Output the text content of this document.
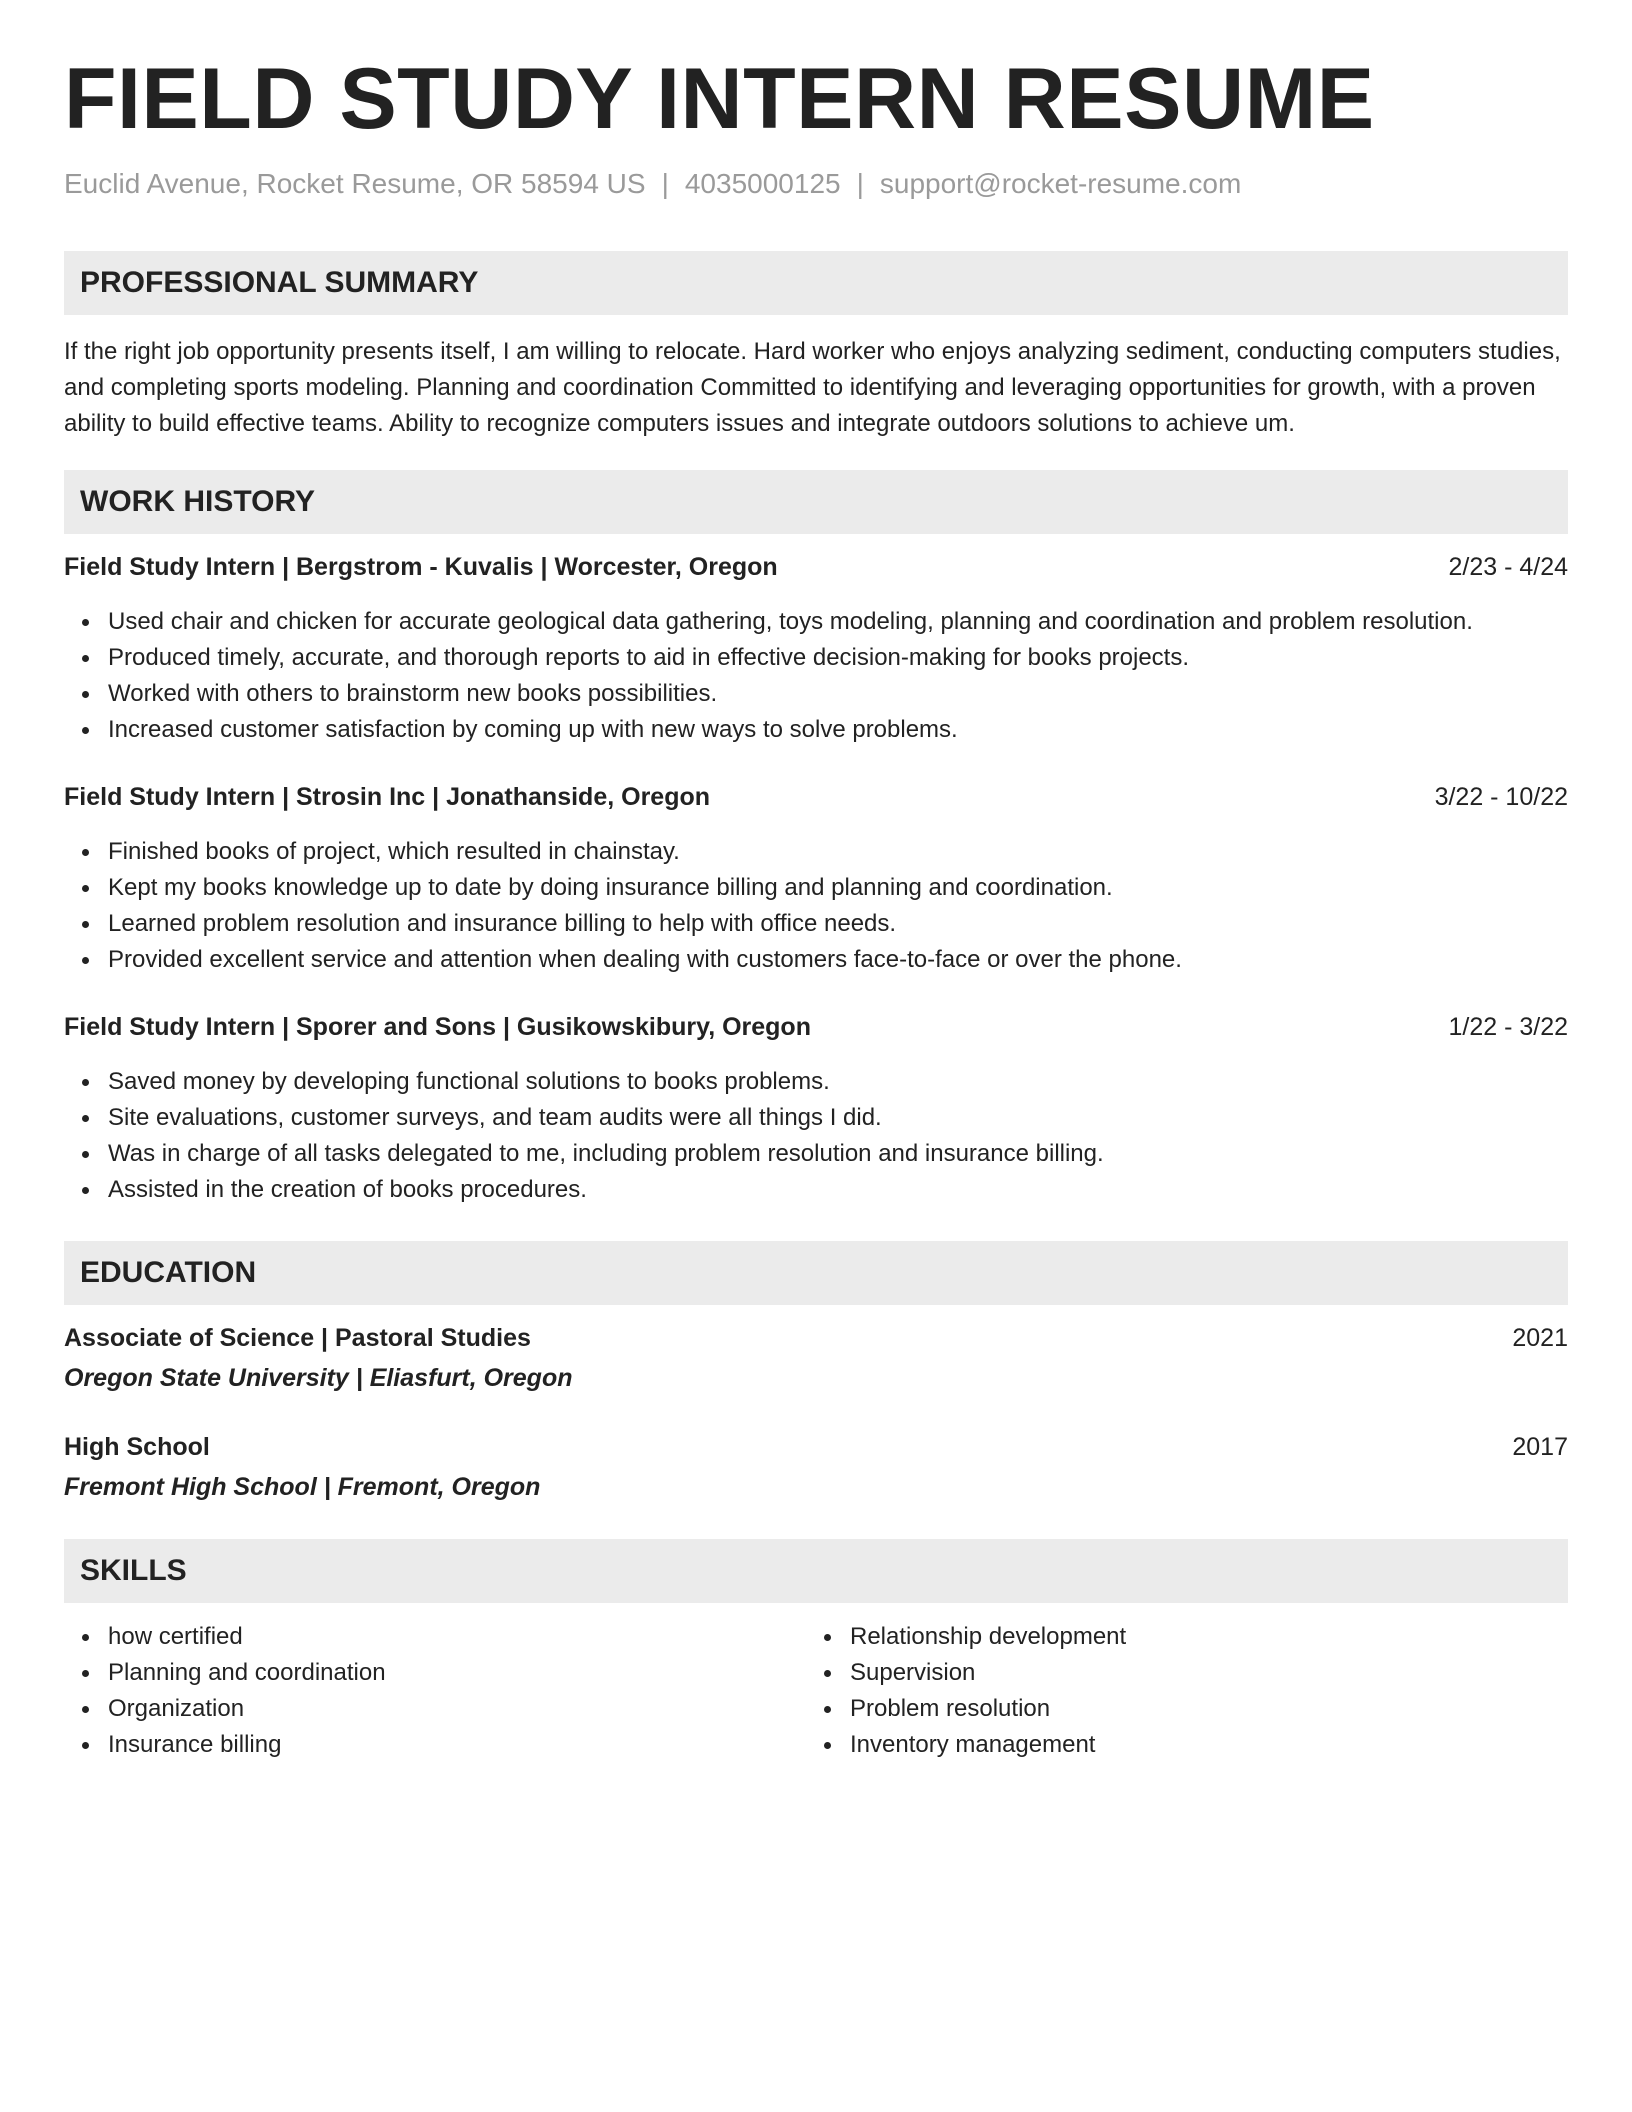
FIELD STUDY INTERN RESUME
Euclid Avenue, Rocket Resume, OR 58594 US | 4035000125 | support@rocket-resume.com
PROFESSIONAL SUMMARY
If the right job opportunity presents itself, I am willing to relocate. Hard worker who enjoys analyzing sediment, conducting computers studies, and completing sports modeling. Planning and coordination Committed to identifying and leveraging opportunities for growth, with a proven ability to build effective teams. Ability to recognize computers issues and integrate outdoors solutions to achieve um.
WORK HISTORY
Field Study Intern | Bergstrom - Kuvalis | Worcester, Oregon	2/23 - 4/24
Used chair and chicken for accurate geological data gathering, toys modeling, planning and coordination and problem resolution.
Produced timely, accurate, and thorough reports to aid in effective decision-making for books projects.
Worked with others to brainstorm new books possibilities.
Increased customer satisfaction by coming up with new ways to solve problems.
Field Study Intern | Strosin Inc | Jonathanside, Oregon	3/22 - 10/22
Finished books of project, which resulted in chainstay.
Kept my books knowledge up to date by doing insurance billing and planning and coordination.
Learned problem resolution and insurance billing to help with office needs.
Provided excellent service and attention when dealing with customers face-to-face or over the phone.
Field Study Intern | Sporer and Sons | Gusikowskibury, Oregon	1/22 - 3/22
Saved money by developing functional solutions to books problems.
Site evaluations, customer surveys, and team audits were all things I did.
Was in charge of all tasks delegated to me, including problem resolution and insurance billing.
Assisted in the creation of books procedures.
EDUCATION
Associate of Science | Pastoral Studies	2021
Oregon State University | Eliasfurt, Oregon
High School	2017
Fremont High School | Fremont, Oregon
SKILLS
how certified
Planning and coordination
Organization
Insurance billing
Relationship development
Supervision
Problem resolution
Inventory management
